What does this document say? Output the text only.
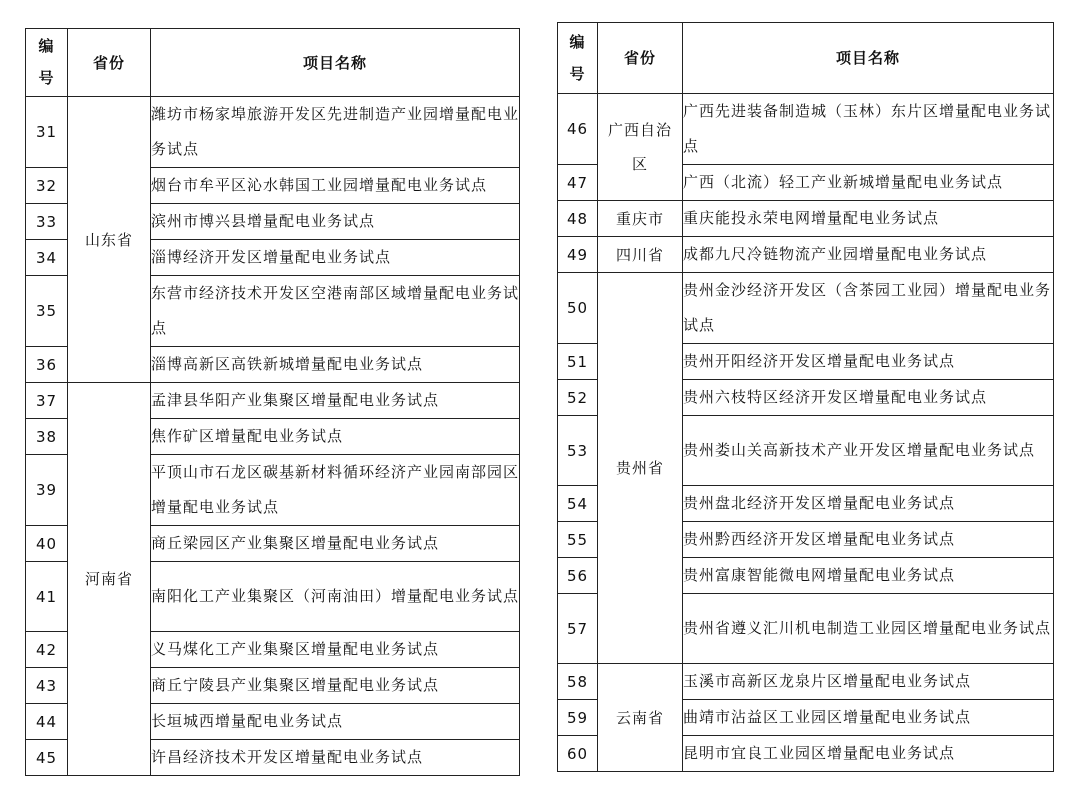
编号	省份	项目名称
31	山东省	潍坊市杨家埠旅游开发区先进制造产业园增量配电业务试点
32		烟台市牟平区沁水韩国工业园增量配电业务试点
33		滨州市博兴县增量配电业务试点
34		淄博经济开发区增量配电业务试点
35		东营市经济技术开发区空港南部区域增量配电业务试点
36		淄博高新区高铁新城增量配电业务试点
37	河南省	孟津县华阳产业集聚区增量配电业务试点
38		焦作矿区增量配电业务试点
39		平顶山市石龙区碳基新材料循环经济产业园南部园区增量配电业务试点
40		商丘梁园区产业集聚区增量配电业务试点
41		南阳化工产业集聚区（河南油田）增量配电业务试点
42		义马煤化工产业集聚区增量配电业务试点
43		商丘宁陵县产业集聚区增量配电业务试点
44		长垣城西增量配电业务试点
45		许昌经济技术开发区增量配电业务试点
编号	省份	项目名称
46	广西自治区	广西先进装备制造城（玉林）东片区增量配电业务试点
47		广西（北流）轻工产业新城增量配电业务试点
48	重庆市	重庆能投永荣电网增量配电业务试点
49	四川省	成都九尺冷链物流产业园增量配电业务试点
50	贵州省	贵州金沙经济开发区（含茶园工业园）增量配电业务试点
51		贵州开阳经济开发区增量配电业务试点
52		贵州六枝特区经济开发区增量配电业务试点
53		贵州娄山关高新技术产业开发区增量配电业务试点
54		贵州盘北经济开发区增量配电业务试点
55		贵州黔西经济开发区增量配电业务试点
56		贵州富康智能微电网增量配电业务试点
57		贵州省遵义汇川机电制造工业园区增量配电业务试点
58	云南省	玉溪市高新区龙泉片区增量配电业务试点
59		曲靖市沾益区工业园区增量配电业务试点
60		昆明市宜良工业园区增量配电业务试点
